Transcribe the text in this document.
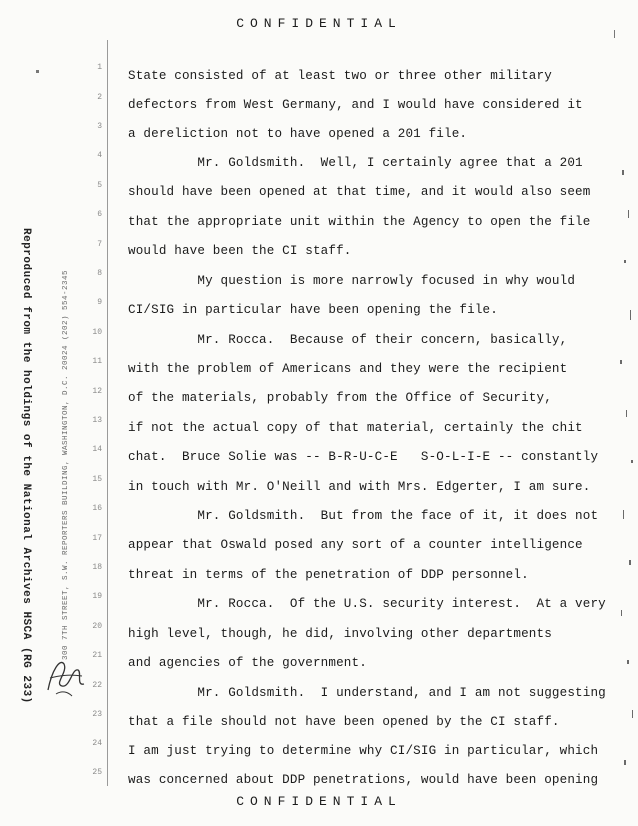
CONFIDENTIAL
Reproduced from the holdings of the National Archives HSCA (RG 233)	300 7TH STREET, S.W. REPORTERS BUILDING, WASHINGTON, D.C. 20024 (202) 554-2345
1
2
3
4
5
6
7
8
9
10
11
12
13
14
15
16
17
18
19
20
21
22
23
24
25
State consisted of at least two or three other military
defectors from West Germany, and I would have considered it
a dereliction not to have opened a 201 file.
Mr. Goldsmith.  Well, I certainly agree that a 201
should have been opened at that time, and it would also seem
that the appropriate unit within the Agency to open the file
would have been the CI staff.
My question is more narrowly focused in why would
CI/SIG in particular have been opening the file.
Mr. Rocca.  Because of their concern, basically,
with the problem of Americans and they were the recipient
of the materials, probably from the Office of Security,
if not the actual copy of that material, certainly the chit
chat.  Bruce Solie was -- B-R-U-C-E   S-O-L-I-E -- constantly
in touch with Mr. O'Neill and with Mrs. Edgerter, I am sure.
Mr. Goldsmith.  But from the face of it, it does not
appear that Oswald posed any sort of a counter intelligence
threat in terms of the penetration of DDP personnel.
Mr. Rocca.  Of the U.S. security interest.  At a very
high level, though, he did, involving other departments
and agencies of the government.
Mr. Goldsmith.  I understand, and I am not suggesting
that a file should not have been opened by the CI staff.
I am just trying to determine why CI/SIG in particular, which
was concerned about DDP penetrations, would have been opening
CONFIDENTIAL
